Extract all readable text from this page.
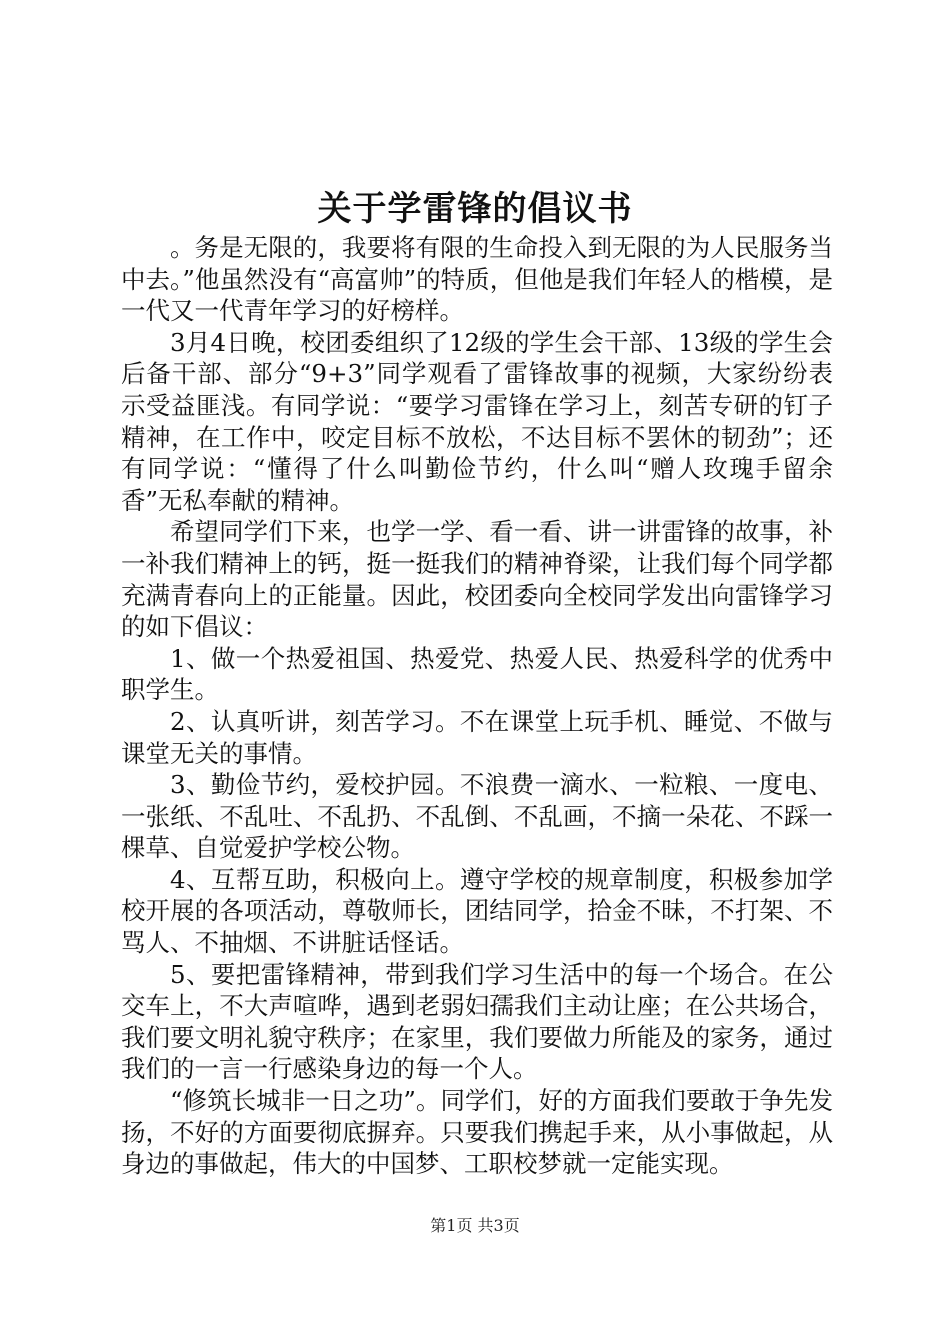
关于学雷锋的倡议书

。务是无限的，我要将有限的生命投入到无限的为人民服务当中去。”他虽然没有“高富帅”的特质，但他是我们年轻人的楷模，是一代又一代青年学习的好榜样。

3月4日晚，校团委组织了12级的学生会干部、13级的学生会后备干部、部分“9+3”同学观看了雷锋故事的视频，大家纷纷表示受益匪浅。有同学说：“要学习雷锋在学习上，刻苦专研的钉子精神，在工作中，咬定目标不放松，不达目标不罢休的韧劲”；还有同学说：“懂得了什么叫勤俭节约，什么叫“赠人玫瑰手留余香”无私奉献的精神。

希望同学们下来，也学一学、看一看、讲一讲雷锋的故事，补一补我们精神上的钙，挺一挺我们的精神脊梁，让我们每个同学都充满青春向上的正能量。因此，校团委向全校同学发出向雷锋学习的如下倡议：

1、做一个热爱祖国、热爱党、热爱人民、热爱科学的优秀中职学生。

2、认真听讲，刻苦学习。不在课堂上玩手机、睡觉、不做与课堂无关的事情。

3、勤俭节约，爱校护园。不浪费一滴水、一粒粮、一度电、一张纸、不乱吐、不乱扔、不乱倒、不乱画，不摘一朵花、不踩一棵草、自觉爱护学校公物。

4、互帮互助，积极向上。遵守学校的规章制度，积极参加学校开展的各项活动，尊敬师长，团结同学，拾金不昧，不打架、不骂人、不抽烟、不讲脏话怪话。

5、要把雷锋精神，带到我们学习生活中的每一个场合。在公交车上，不大声喧哗，遇到老弱妇孺我们主动让座；在公共场合，我们要文明礼貌守秩序；在家里，我们要做力所能及的家务，通过我们的一言一行感染身边的每一个人。

“修筑长城非一日之功”。同学们，好的方面我们要敢于争先发扬，不好的方面要彻底摒弃。只要我们携起手来，从小事做起，从身边的事做起，伟大的中国梦、工职校梦就一定能实现。

第1页 共3页
